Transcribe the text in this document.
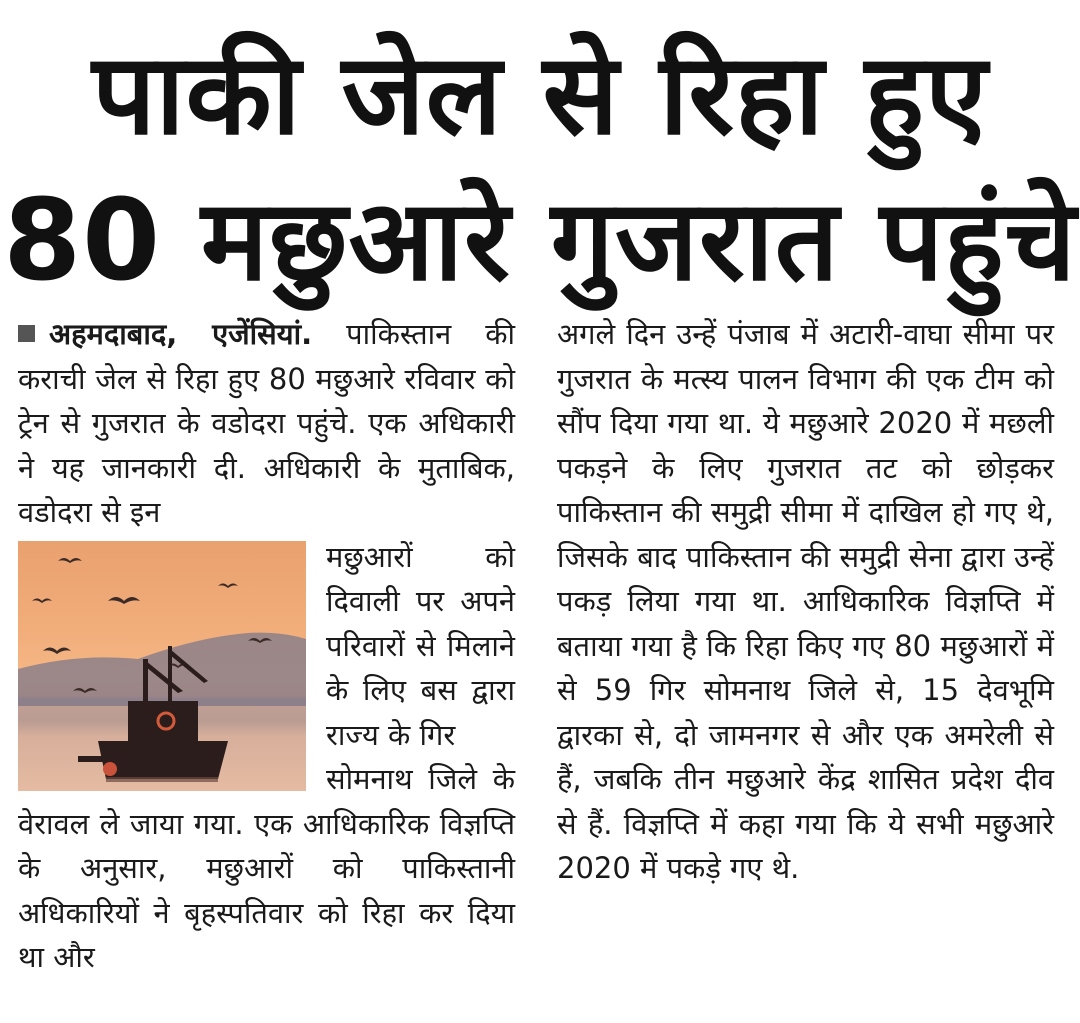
पाकी जेल से रिहा हुए
80 मछुआरे गुजरात पहुंचे

अहमदाबाद, एजेंसियां. पाकिस्तान की कराची जेल से रिहा हुए 80 मछुआरे रविवार को ट्रेन से गुजरात के वडोदरा पहुंचे. एक अधिकारी ने यह जानकारी दी. अधिकारी के मुताबिक, वडोदरा से इन

मछुआरों को दिवाली पर अपने परिवारों से मिलाने के लिए बस द्वारा राज्य के गिर

सोमनाथ जिले के वेरावल ले जाया गया. एक आधिकारिक विज्ञप्ति के अनुसार, मछुआरों को पाकिस्तानी अधिकारियों ने बृहस्पतिवार को रिहा कर दिया था और

अगले दिन उन्हें पंजाब में अटारी-वाघा सीमा पर गुजरात के मत्स्य पालन विभाग की एक टीम को सौंप दिया गया था. ये मछुआरे 2020 में मछली पकड़ने के लिए गुजरात तट को छोड़कर पाकिस्तान की समुद्री सीमा में दाखिल हो गए थे, जिसके बाद पाकिस्तान की समुद्री सेना द्वारा उन्हें पकड़ लिया गया था. आधिकारिक विज्ञप्ति में बताया गया है कि रिहा किए गए 80 मछुआरों में से 59 गिर सोमनाथ जिले से, 15 देवभूमि द्वारका से, दो जामनगर से और एक अमरेली से हैं, जबकि तीन मछुआरे केंद्र शासित प्रदेश दीव से हैं. विज्ञप्ति में कहा गया कि ये सभी मछुआरे 2020 में पकड़े गए थे.
